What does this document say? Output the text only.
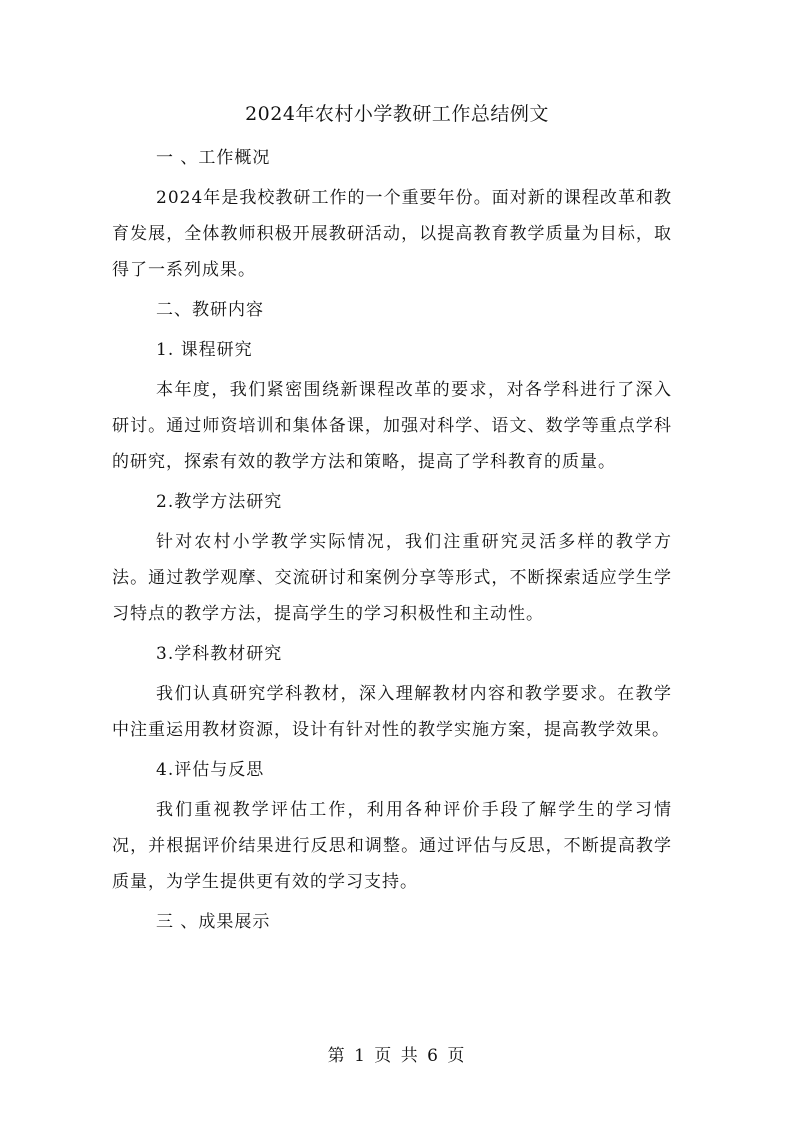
2024年农村小学教研工作总结例文
一 、工作概况
2024年是我校教研工作的一个重要年份。面对新的课程改革和教育发展，全体教师积极开展教研活动，以提高教育教学质量为目标，取得了一系列成果。
二、教研内容
1. 课程研究
本年度，我们紧密围绕新课程改革的要求，对各学科进行了深入研讨。通过师资培训和集体备课，加强对科学、语文、数学等重点学科的研究，探索有效的教学方法和策略，提高了学科教育的质量。
2.教学方法研究
针对农村小学教学实际情况，我们注重研究灵活多样的教学方法。通过教学观摩、交流研讨和案例分享等形式，不断探索适应学生学习特点的教学方法，提高学生的学习积极性和主动性。
3.学科教材研究
我们认真研究学科教材，深入理解教材内容和教学要求。在教学中注重运用教材资源，设计有针对性的教学实施方案，提高教学效果。
4.评估与反思
我们重视教学评估工作，利用各种评价手段了解学生的学习情况，并根据评价结果进行反思和调整。通过评估与反思，不断提高教学质量，为学生提供更有效的学习支持。
三 、成果展示
第 1 页 共 6 页
